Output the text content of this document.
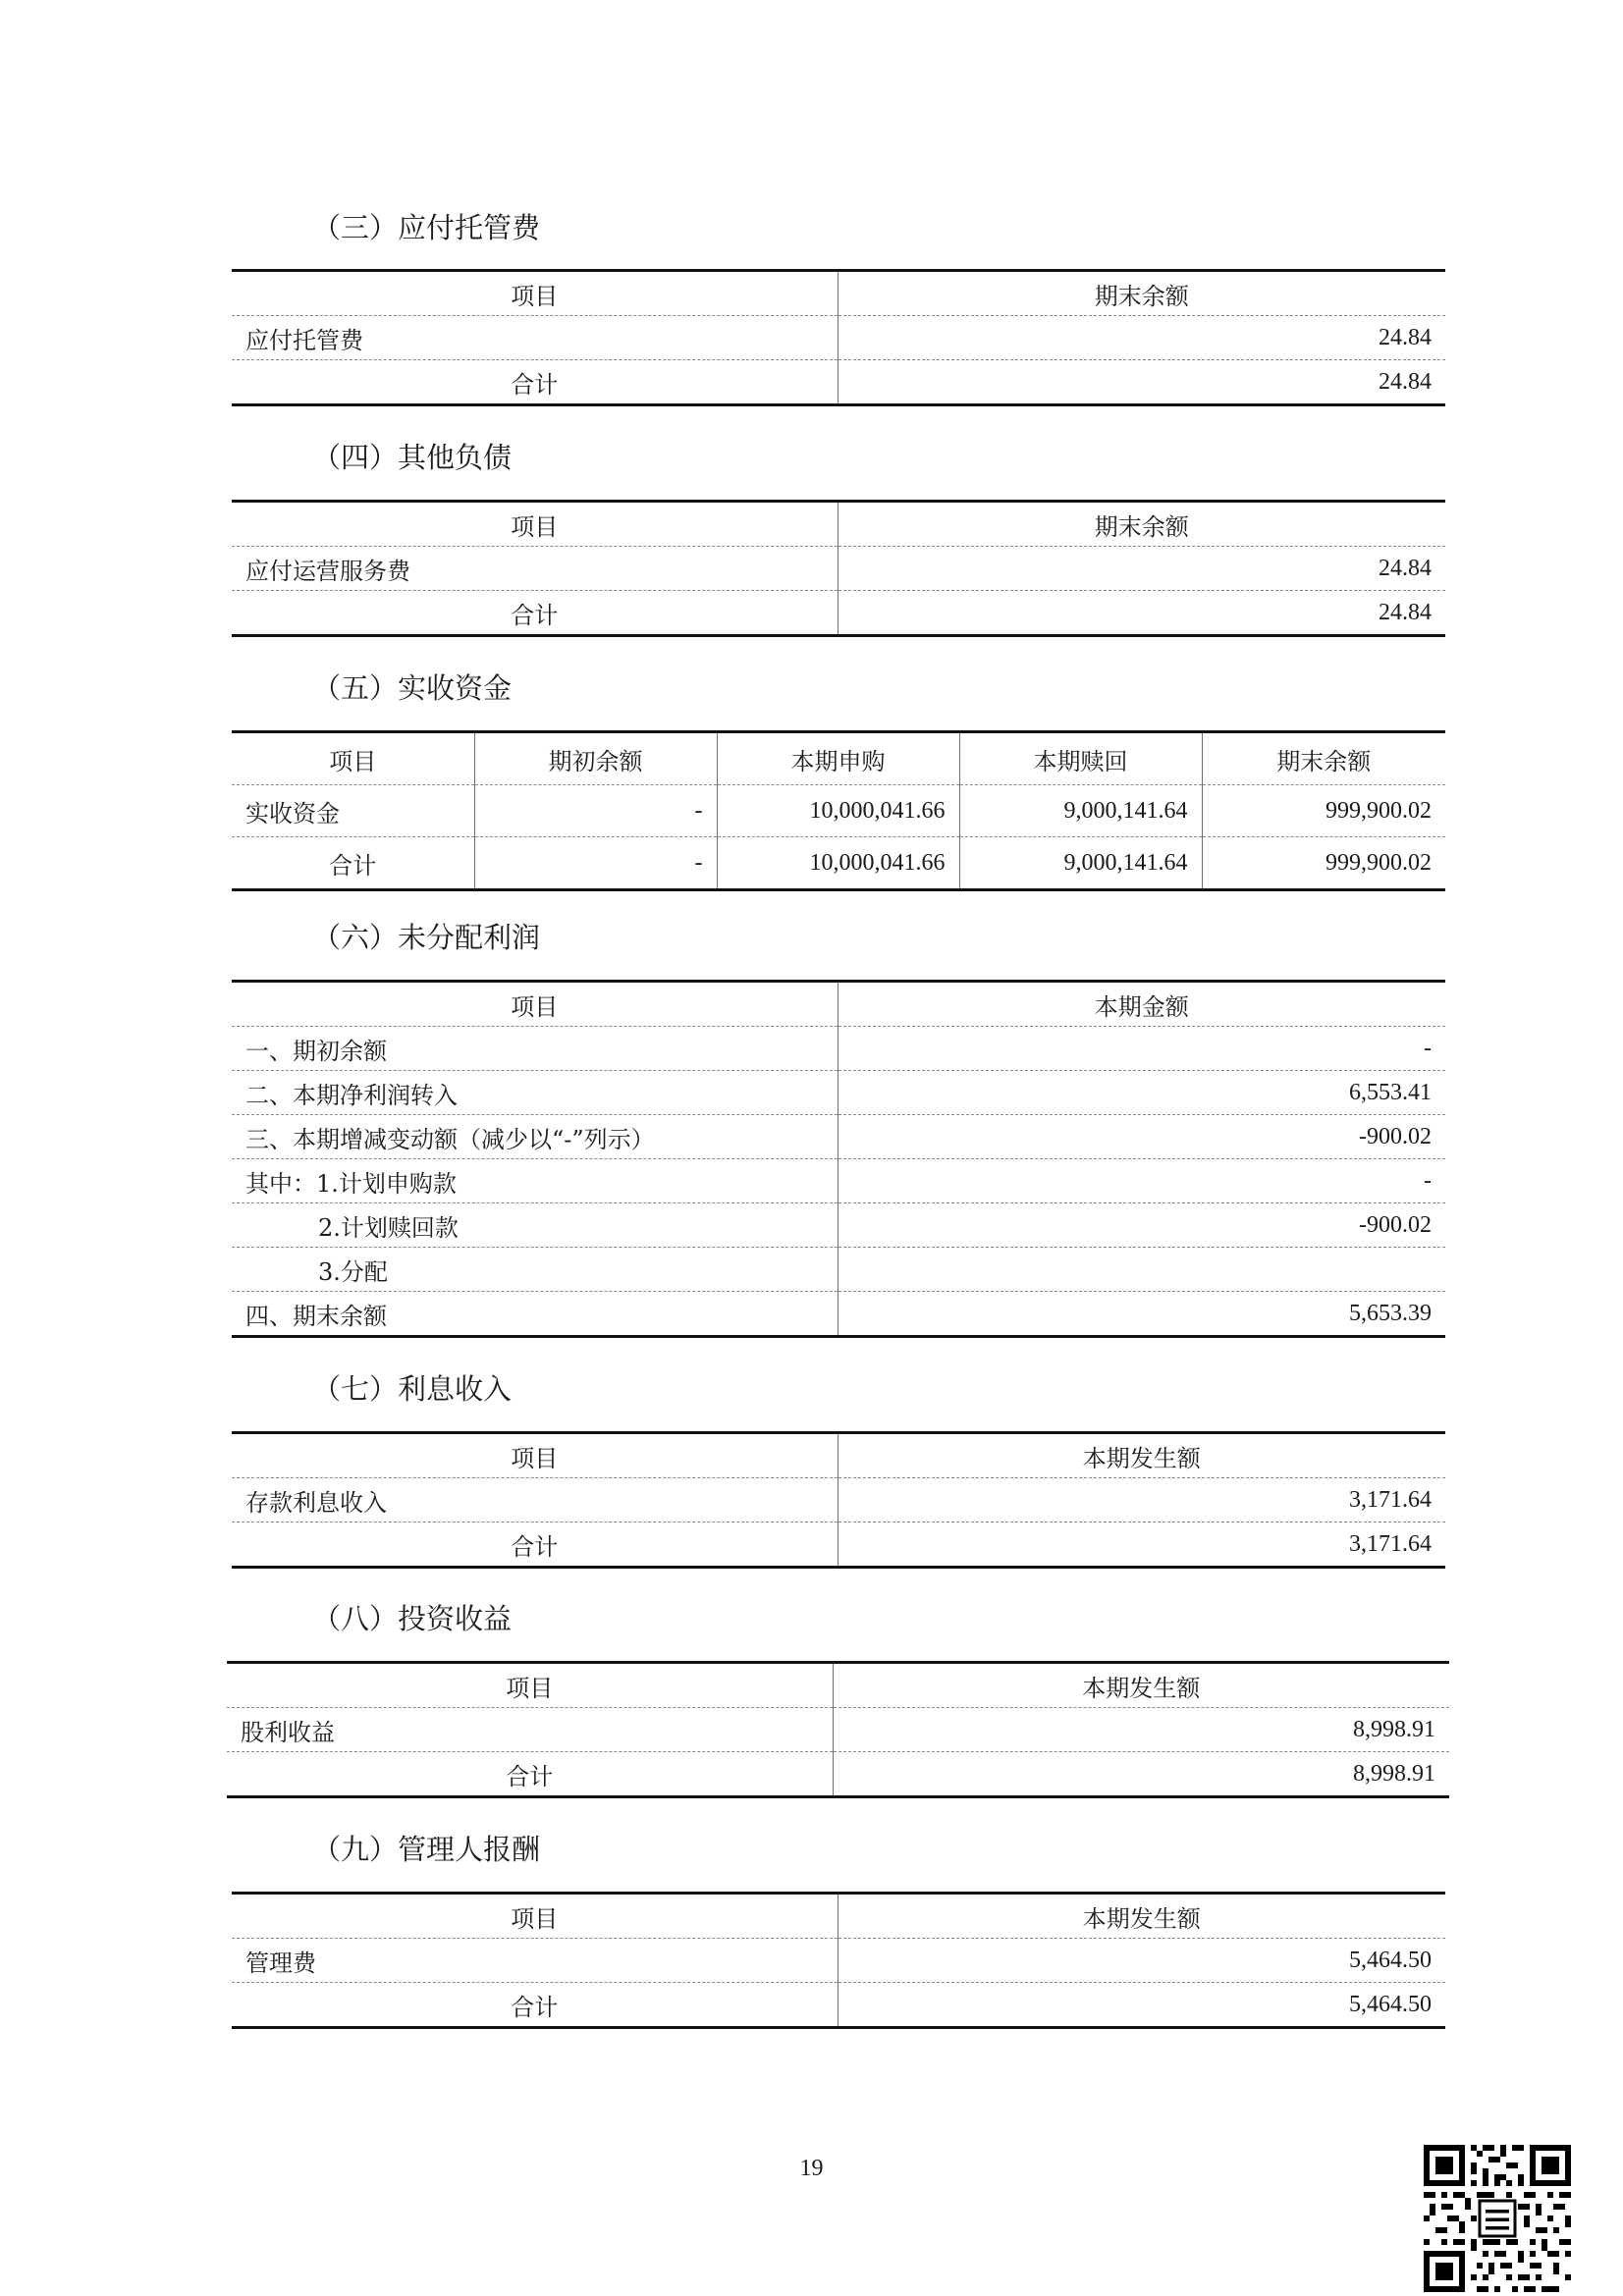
（三）应付托管费
项目	期末余额
应付托管费	24.84
合计	24.84
（四）其他负债
项目	期末余额
应付运营服务费	24.84
合计	24.84
（五）实收资金
项目	期初余额	本期申购	本期赎回	期末余额
实收资金	-	10,000,041.66	9,000,141.64	999,900.02
合计	-	10,000,041.66	9,000,141.64	999,900.02
（六）未分配利润
项目	本期金额
一、期初余额	-
二、本期净利润转入	6,553.41
三、本期增减变动额（减少以“-”列示）	-900.02
其中：1.计划申购款	-
2.计划赎回款	-900.02
3.分配	
四、期末余额	5,653.39
（七）利息收入
项目	本期发生额
存款利息收入	3,171.64
合计	3,171.64
（八）投资收益
项目	本期发生额
股利收益	8,998.91
合计	8,998.91
（九）管理人报酬
项目	本期发生额
管理费	5,464.50
合计	5,464.50
19
